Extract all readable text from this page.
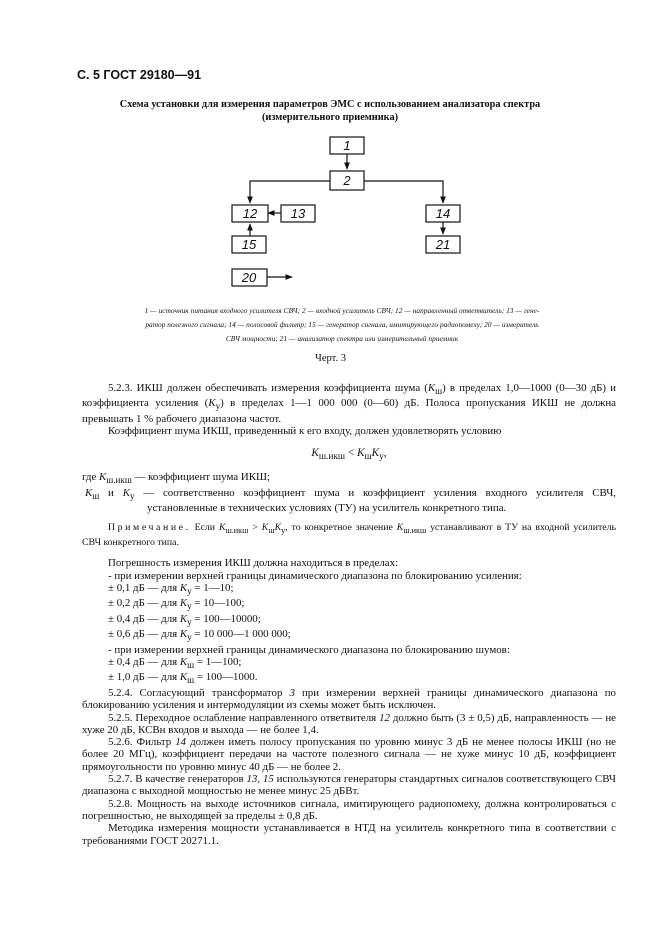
С. 5 ГОСТ 29180—91
Схема установки для измерения параметров ЭМС с использованием анализатора спектра
(измерительного приемника)
1
2
12	13
15
14
21
20
1 — источник питания входного усилителя СВЧ; 2 — входной усилитель СВЧ; 12 — направленный ответвитель; 13 — гене-
ратор полезного сигнала; 14 — полосовой фильтр; 15 — генератор сигнала, имитирующего радиопомеху; 20 — измеритель
СВЧ мощности; 21 — анализатор спектра или измерительный приемник
Черт. 3

5.2.3. ИКШ должен обеспечивать измерения коэффициента шума $(K_ш)$ в пределах 1,0—1000 (0—30 дБ) и коэффициента усиления $(K_у)$ в пределах 1—1 000 000 (0—60) дБ. Полоса пропускания ИКШ не должна превышать 1 % рабочего диапазона частот.

Коэффициент шума ИКШ, приведенный к его входу, должен удовлетворять условию

$K_{ш.икш} < K_шK_у$,

где $K_{ш.икш}$ — коэффициент шума ИКШ;

$K_ш$ и $K_у$ — соответственно коэффициент шума и коэффициент усиления входного усилителя СВЧ, установленные в технических условиях (ТУ) на усилитель конкретного типа.

Примечание. Если $K_{ш.икш} > K_шK_у$, то конкретное значение $K_{ш.икш}$ устанавливают в ТУ на входной усилитель СВЧ конкретного типа.

Погрешность измерения ИКШ должна находиться в пределах:

- при измерении верхней границы динамического диапазона по блокированию усиления:

± 0,1 дБ — для $K_у$ = 1—10;

± 0,2 дБ — для $K_у$ = 10—100;

± 0,4 дБ — для $K_у$ = 100—10000;

± 0,6 дБ — для $K_у = 10$ 000—1 000 000;

- при измерении верхней границы динамического диапазона по блокированию шумов:

± 0,4 дБ — для $K_ш$ = 1—100;

± 1,0 дБ — для $K_ш$ = 100—1000.

5.2.4. Согласующий трансформатор 3 при измерении верхней границы динамического диапазона по блокированию усиления и интермодуляции из схемы может быть исключен.

5.2.5. Переходное ослабление направленного ответвителя 12 должно быть (3 ± 0,5) дБ, направленность — не хуже 20 дБ, КСВн входов и выхода — не более 1,4.

5.2.6. Фильтр 14 должен иметь полосу пропускания по уровню минус 3 дБ не менее полосы ИКШ (но не более 20 МГц), коэффициент передачи на частоте полезного сигнала — не хуже минус 10 дБ, коэффициент прямоугольности по уровню минус 40 дБ — не более 2.

5.2.7. В качестве генераторов 13, 15 используются генераторы стандартных сигналов соответствующего СВЧ диапазона с выходной мощностью не менее минус 25 дБВт.

5.2.8. Мощность на выходе источников сигнала, имитирующего радиопомеху, должна контролироваться с погрешностью, не выходящей за пределы ± 0,8 дБ.

Методика измерения мощности устанавливается в НТД на усилитель конкретного типа в соответствии с требованиями ГОСТ 20271.1.
